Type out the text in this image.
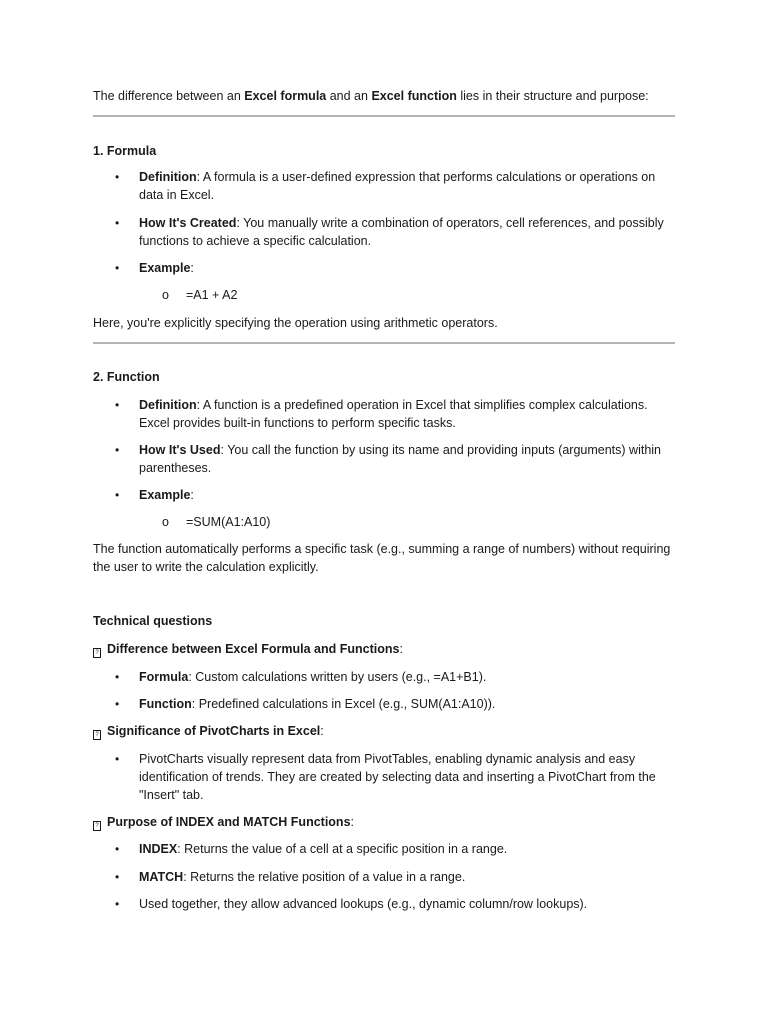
The difference between an Excel formula and an Excel function lies in their structure and purpose:
1. Formula
• Definition: A formula is a user-defined expression that performs calculations or operations on data in Excel.
• How It's Created: You manually write a combination of operators, cell references, and possibly functions to achieve a specific calculation.
• Example:
o =A1 + A2
Here, you're explicitly specifying the operation using arithmetic operators.
2. Function
• Definition: A function is a predefined operation in Excel that simplifies complex calculations. Excel provides built-in functions to perform specific tasks.
• How It's Used: You call the function by using its name and providing inputs (arguments) within parentheses.
• Example:
o =SUM(A1:A10)
The function automatically performs a specific task (e.g., summing a range of numbers) without requiring the user to write the calculation explicitly.
Technical questions
? Difference between Excel Formula and Functions:
• Formula: Custom calculations written by users (e.g., =A1+B1).
• Function: Predefined calculations in Excel (e.g., SUM(A1:A10)).
? Significance of PivotCharts in Excel:
• PivotCharts visually represent data from PivotTables, enabling dynamic analysis and easy identification of trends. They are created by selecting data and inserting a PivotChart from the "Insert" tab.
? Purpose of INDEX and MATCH Functions:
• INDEX: Returns the value of a cell at a specific position in a range.
• MATCH: Returns the relative position of a value in a range.
• Used together, they allow advanced lookups (e.g., dynamic column/row lookups).
